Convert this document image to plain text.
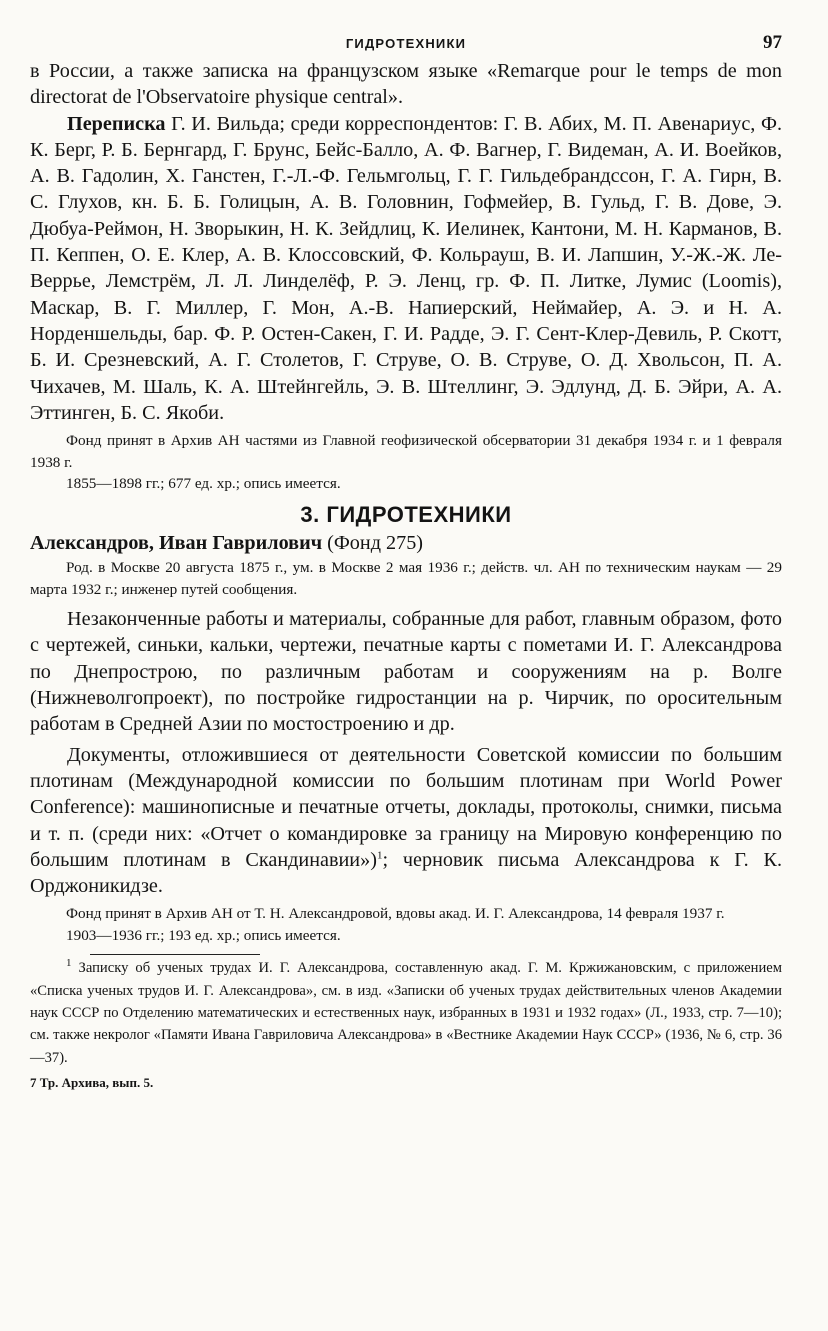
ГИДРОТЕХНИКИ	97

в России, а также записка на французском языке «Remarque pour le temps de mon directorat de l'Observatoire physique central».

Переписка Г. И. Вильда; среди корреспондентов: Г. В. Абих, М. П. Авенариус, Ф. К. Берг, Р. Б. Бернгард, Г. Брунс, Бейс-Балло, А. Ф. Вагнер, Г. Видеман, А. И. Воейков, А. В. Гадолин, Х. Ганстен, Г.-Л.-Ф. Гельмгольц, Г. Г. Гильдебрандссон, Г. А. Гирн, В. С. Глухов, кн. Б. Б. Голицын, А. В. Головнин, Гофмейер, В. Гульд, Г. В. Дове, Э. Дюбуа-Реймон, Н. Зворыкин, Н. К. Зейдлиц, К. Иелинек, Кантони, М. Н. Карманов, В. П. Кеппен, О. Е. Клер, А. В. Клоссовский, Ф. Кольрауш, В. И. Лапшин, У.-Ж.-Ж. Ле-Веррье, Лемстрём, Л. Л. Линделёф, Р. Э. Ленц, гр. Ф. П. Литке, Лумис (Loomis), Маскар, В. Г. Миллер, Г. Мон, А.-В. Напиерский, Неймайер, А. Э. и Н. А. Норденшельды, бар. Ф. Р. Остен-Сакен, Г. И. Радде, Э. Г. Сент-Клер-Девиль, Р. Скотт, Б. И. Срезневский, А. Г. Столетов, Г. Струве, О. В. Струве, О. Д. Хвольсон, П. А. Чихачев, М. Шаль, К. А. Штейнгейль, Э. В. Штеллинг, Э. Эдлунд, Д. Б. Эйри, А. А. Эттинген, Б. С. Якоби.

Фонд принят в Архив АН частями из Главной геофизической обсерватории 31 декабря 1934 г. и 1 февраля 1938 г.

1855—1898 гг.; 677 ед. хр.; опись имеется.

3. ГИДРОТЕХНИКИ

Александров, Иван Гаврилович (Фонд 275)

Род. в Москве 20 августа 1875 г., ум. в Москве 2 мая 1936 г.; действ. чл. АН по техническим наукам — 29 марта 1932 г.; инженер путей сообщения.

Незаконченные работы и материалы, собранные для работ, главным образом, фото с чертежей, синьки, кальки, чертежи, печатные карты с пометами И. Г. Александрова по Днепрострою, по различным работам и сооружениям на р. Волге (Нижневолгопроект), по постройке гидростанции на р. Чирчик, по оросительным работам в Средней Азии по мостостроению и др.

Документы, отложившиеся от деятельности Советской комиссии по большим плотинам (Международной комиссии по большим плотинам при World Power Conference): машинописные и печатные отчеты, доклады, протоколы, снимки, письма и т. п. (среди них: «Отчет о командировке за границу на Мировую конференцию по большим плотинам в Скандинавии»)$^1$; черновик письма Александрова к Г. К. Орджоникидзе.

Фонд принят в Архив АН от Т. Н. Александровой, вдовы акад. И. Г. Александрова, 14 февраля 1937 г.

1903—1936 гг.; 193 ед. хр.; опись имеется.

$^1$ Записку об ученых трудах И. Г. Александрова, составленную акад. Г. М. Кржижановским, с приложением «Списка ученых трудов И. Г. Александрова», см. в изд. «Записки об ученых трудах действительных членов Академии наук СССР по Отделению математических и естественных наук, избранных в 1931 и 1932 годах» (Л., 1933, стр. 7—10); см. также некролог «Памяти Ивана Гавриловича Александрова» в «Вестнике Академии Наук СССР» (1936, № 6, стр. 36—37).

7 Тр. Архива, вып. 5.
